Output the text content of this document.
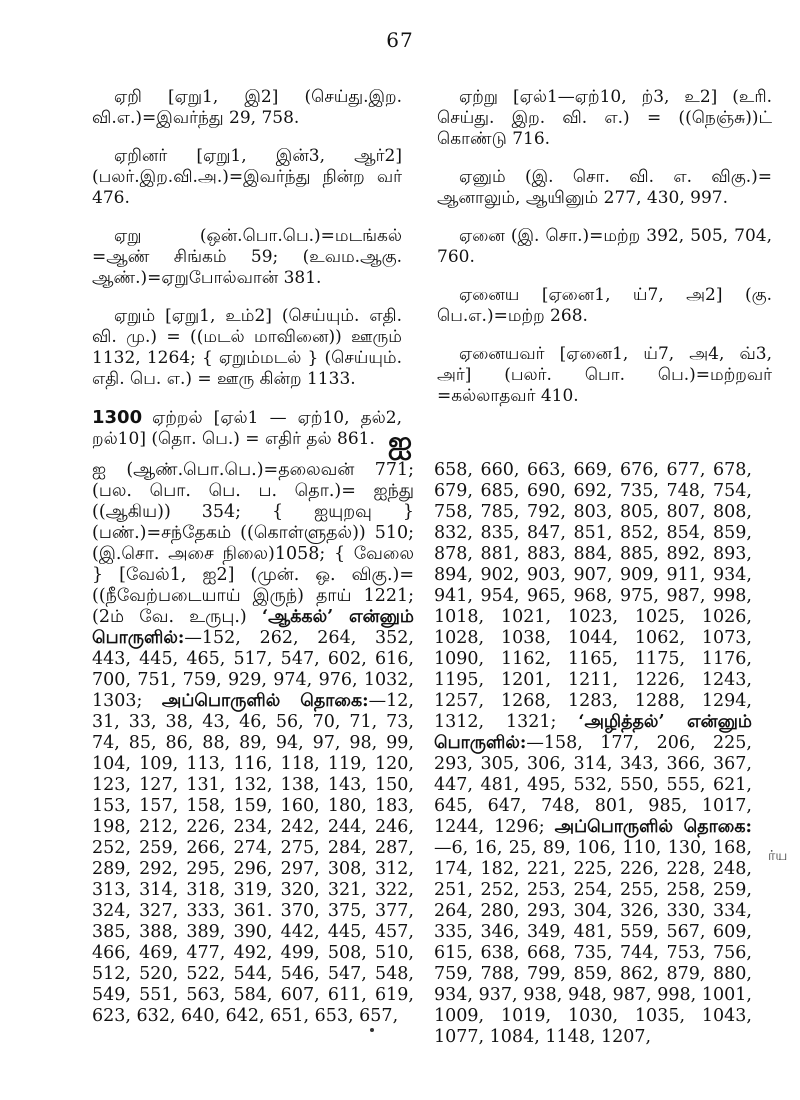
67

ஏறி [ஏறு1, இ2] (செய்து.இற. வி.எ.)=இவர்ந்து 29, 758.

ஏறினர் [ஏறு1, இன்3, ஆர்2] (பலர்.இற.வி.அ.)=இவர்ந்து நின்ற வர் 476.

ஏறு (ஒன்.பொ.பெ.)=மடங்கல் =ஆண் சிங்கம் 59; (உவம.ஆகு. ஆண்.)=ஏறுபோல்வான் 381.

ஏறும் [ஏறு1, உம்2] (செய்யும். எதி. வி. மு.) = ((மடல் மாவினை)) ஊரும் 1132, 1264; { ஏறும்மடல் } (செய்யும். எதி. பெ. எ.) = ஊரு கின்ற 1133.

1300 ஏற்றல் [ஏல்1 — ஏற்10, தல்2, றல்10] (தொ. பெ.) = எதிர் தல் 861.

ஏற்று [ஏல்1—ஏற்10, ற்3, உ2] (உரி. செய்து. இற. வி. எ.) = ((நெஞ்சு))ட் கொண்டு 716.

ஏனும் (இ. சொ. வி. எ. விகு.)= ஆனாலும், ஆயினும் 277, 430, 997.

ஏனை (இ. சொ.)=மற்ற 392, 505, 704, 760.

ஏனைய [ஏனை1, ய்7, அ2] (கு. பெ.எ.)=மற்ற 268.

ஏனையவர் [ஏனை1, ய்7, அ4, வ்3, அர்] (பலர். பொ. பெ.)=மற்றவர் =கல்லாதவர் 410.

ஐ
ஐ (ஆண்.பொ.பெ.)=தலைவன் 771; (பல. பொ. பெ. ப. தொ.)= ஐந்து ((ஆகிய)) 354; { ஐயுறவு } (பண்.)=சந்தேகம் ((கொள்ளுதல்)) 510; (இ.சொ. அசை நிலை)1058; { வேலை } [வேல்1, ஐ2] (முன். ஒ. விகு.)=((நீவேற்படையாய் இருந்) தாய் 1221; (2ம் வே. உருபு.) ‘ஆக்கல்’ என்னும் பொருளில்:—152, 262, 264, 352, 443, 445, 465, 517, 547, 602, 616, 700, 751, 759, 929, 974, 976, 1032, 1303; அப்பொருளில் தொகை:—12, 31, 33, 38, 43, 46, 56, 70, 71, 73, 74, 85, 86, 88, 89, 94, 97, 98, 99, 104, 109, 113, 116, 118, 119, 120, 123, 127, 131, 132, 138, 143, 150, 153, 157, 158, 159, 160, 180, 183, 198, 212, 226, 234, 242, 244, 246, 252, 259, 266, 274, 275, 284, 287, 289, 292, 295, 296, 297, 308, 312, 313, 314, 318, 319, 320, 321, 322, 324, 327, 333, 361. 370, 375, 377, 385, 388, 389, 390, 442, 445, 457, 466, 469, 477, 492, 499, 508, 510, 512, 520, 522, 544, 546, 547, 548, 549, 551, 563, 584, 607, 611, 619, 623, 632, 640, 642, 651, 653, 657,
658, 660, 663, 669, 676, 677, 678, 679, 685, 690, 692, 735, 748, 754, 758, 785, 792, 803, 805, 807, 808, 832, 835, 847, 851, 852, 854, 859, 878, 881, 883, 884, 885, 892, 893, 894, 902, 903, 907, 909, 911, 934, 941, 954, 965, 968, 975, 987, 998, 1018, 1021, 1023, 1025, 1026, 1028, 1038, 1044, 1062, 1073, 1090, 1162, 1165, 1175, 1176, 1195, 1201, 1211, 1226, 1243, 1257, 1268, 1283, 1288, 1294, 1312, 1321; ‘அழித்தல்’ என்னும் பொருளில்:—158, 177, 206, 225, 293, 305, 306, 314, 343, 366, 367, 447, 481, 495, 532, 550, 555, 621, 645, 647, 748, 801, 985, 1017, 1244, 1296; அப்பொருளில் தொகை:—6, 16, 25, 89, 106, 110, 130, 168, 174, 182, 221, 225, 226, 228, 248, 251, 252, 253, 254, 255, 258, 259, 264, 280, 293, 304, 326, 330, 334, 335, 346, 349, 481, 559, 567, 609, 615, 638, 668, 735, 744, 753, 756, 759, 788, 799, 859, 862, 879, 880, 934, 937, 938, 948, 987, 998, 1001, 1009, 1019, 1030, 1035, 1043, 1077, 1084, 1148, 1207,
ர்ய
